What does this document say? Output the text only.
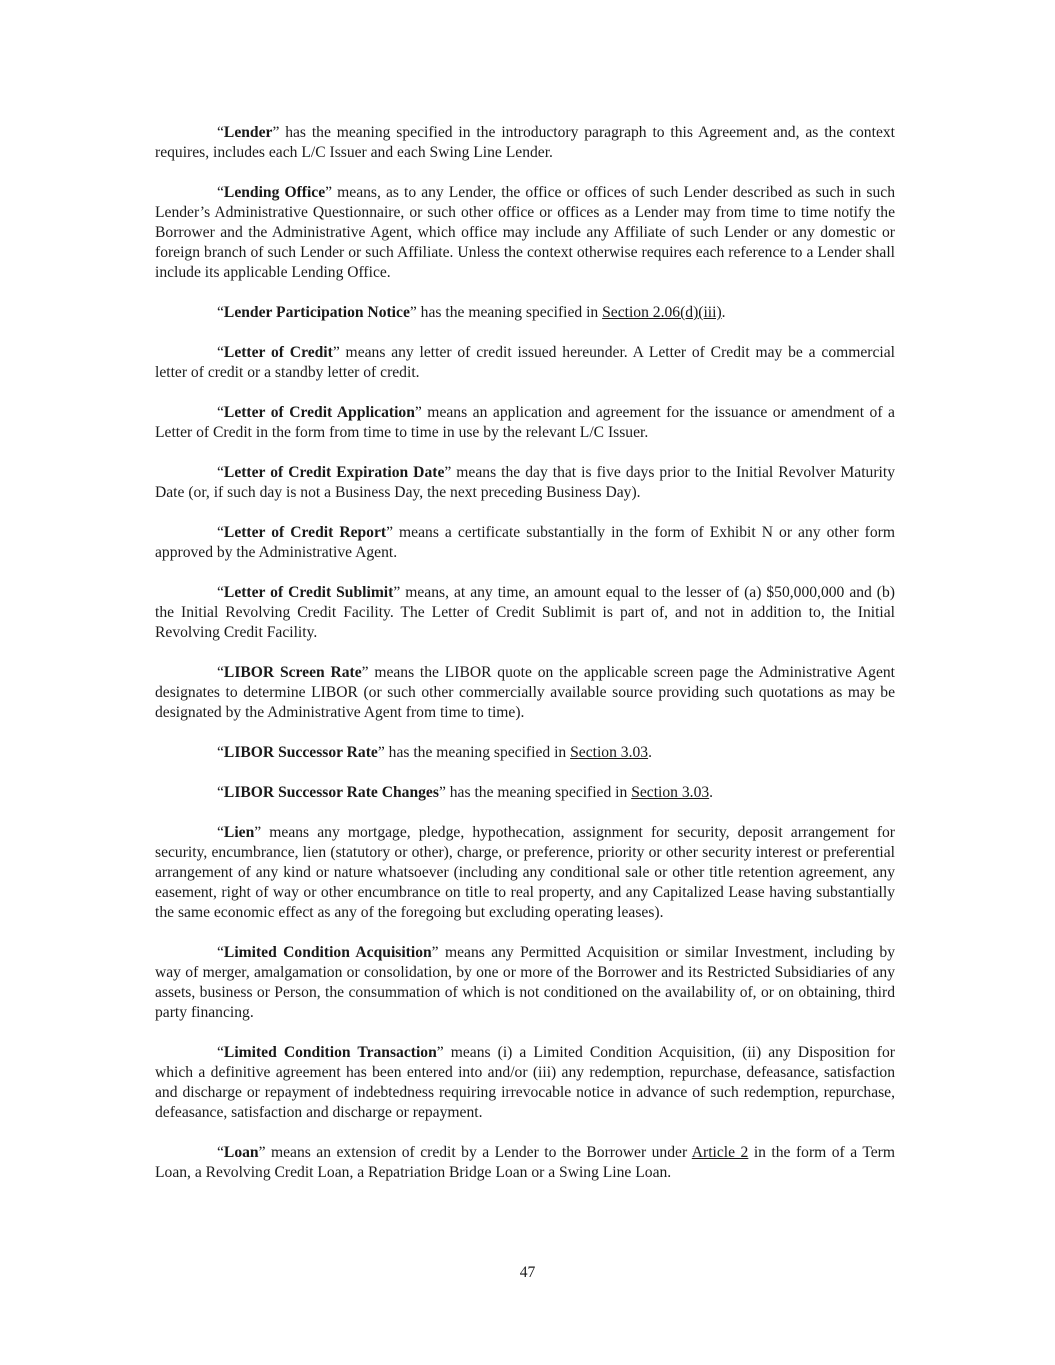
“Lender” has the meaning specified in the introductory paragraph to this Agreement and, as the context requires, includes each L/C Issuer and each Swing Line Lender.

“Lending Office” means, as to any Lender, the office or offices of such Lender described as such in such Lender’s Administrative Questionnaire, or such other office or offices as a Lender may from time to time notify the Borrower and the Administrative Agent, which office may include any Affiliate of such Lender or any domestic or foreign branch of such Lender or such Affiliate. Unless the context otherwise requires each reference to a Lender shall include its applicable Lending Office.

“Lender Participation Notice” has the meaning specified in Section 2.06(d)(iii).

“Letter of Credit” means any letter of credit issued hereunder. A Letter of Credit may be a commercial letter of credit or a standby letter of credit.

“Letter of Credit Application” means an application and agreement for the issuance or amendment of a Letter of Credit in the form from time to time in use by the relevant L/C Issuer.

“Letter of Credit Expiration Date” means the day that is five days prior to the Initial Revolver Maturity Date (or, if such day is not a Business Day, the next preceding Business Day).

“Letter of Credit Report” means a certificate substantially in the form of Exhibit N or any other form approved by the Administrative Agent.

“Letter of Credit Sublimit” means, at any time, an amount equal to the lesser of (a) $50,000,000 and (b) the Initial Revolving Credit Facility. The Letter of Credit Sublimit is part of, and not in addition to, the Initial Revolving Credit Facility.

“LIBOR Screen Rate” means the LIBOR quote on the applicable screen page the Administrative Agent designates to determine LIBOR (or such other commercially available source providing such quotations as may be designated by the Administrative Agent from time to time).

“LIBOR Successor Rate” has the meaning specified in Section 3.03.

“LIBOR Successor Rate Changes” has the meaning specified in Section 3.03.

“Lien” means any mortgage, pledge, hypothecation, assignment for security, deposit arrangement for security, encumbrance, lien (statutory or other), charge, or preference, priority or other security interest or preferential arrangement of any kind or nature whatsoever (including any conditional sale or other title retention agreement, any easement, right of way or other encumbrance on title to real property, and any Capitalized Lease having substantially the same economic effect as any of the foregoing but excluding operating leases).

“Limited Condition Acquisition” means any Permitted Acquisition or similar Investment, including by way of merger, amalgamation or consolidation, by one or more of the Borrower and its Restricted Subsidiaries of any assets, business or Person, the consummation of which is not conditioned on the availability of, or on obtaining, third party financing.

“Limited Condition Transaction” means (i) a Limited Condition Acquisition, (ii) any Disposition for which a definitive agreement has been entered into and/or (iii) any redemption, repurchase, defeasance, satisfaction and discharge or repayment of indebtedness requiring irrevocable notice in advance of such redemption, repurchase, defeasance, satisfaction and discharge or repayment.

“Loan” means an extension of credit by a Lender to the Borrower under Article 2 in the form of a Term Loan, a Revolving Credit Loan, a Repatriation Bridge Loan or a Swing Line Loan.

47
